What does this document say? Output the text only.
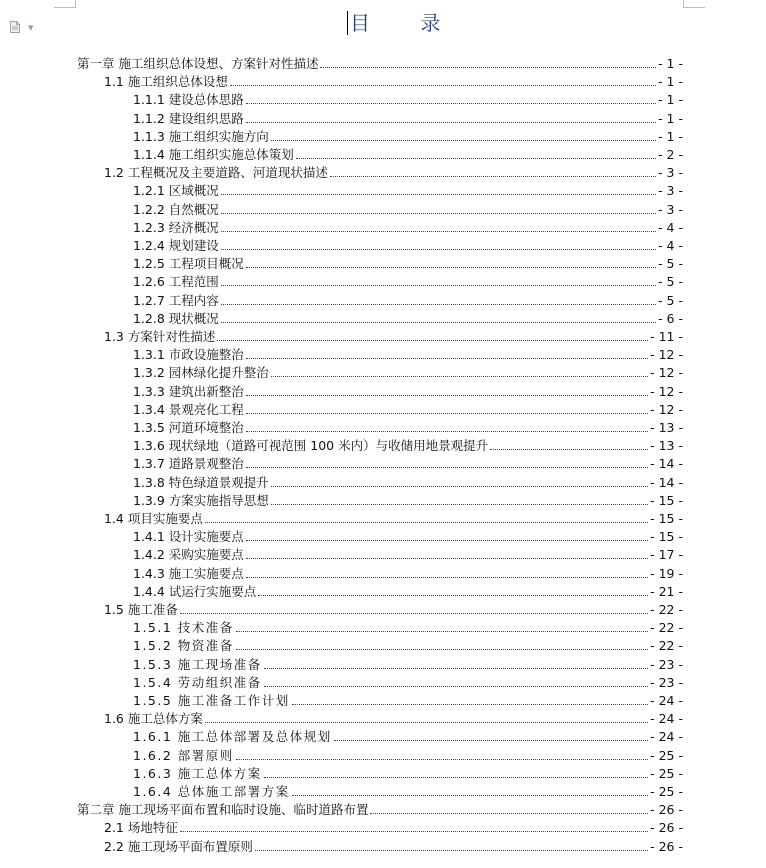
▼	目 录
第一章 施工组织总体设想、方案针对性描述	- 1 -
1.1 施工组织总体设想	- 1 -
1.1.1 建设总体思路	- 1 -
1.1.2 建设组织思路	- 1 -
1.1.3 施工组织实施方向	- 1 -
1.1.4 施工组织实施总体策划	- 2 -
1.2 工程概况及主要道路、河道现状描述	- 3 -
1.2.1 区域概况	- 3 -
1.2.2 自然概况	- 3 -
1.2.3 经济概况	- 4 -
1.2.4 规划建设	- 4 -
1.2.5 工程项目概况	- 5 -
1.2.6 工程范围	- 5 -
1.2.7 工程内容	- 5 -
1.2.8 现状概况	- 6 -
1.3 方案针对性描述	- 11 -
1.3.1 市政设施整治	- 12 -
1.3.2 园林绿化提升整治	- 12 -
1.3.3 建筑出新整治	- 12 -
1.3.4 景观亮化工程	- 12 -
1.3.5 河道环境整治	- 13 -
1.3.6 现状绿地（道路可视范围 100 米内）与收储用地景观提升	- 13 -
1.3.7 道路景观整治	- 14 -
1.3.8 特色绿道景观提升	- 14 -
1.3.9 方案实施指导思想	- 15 -
1.4 项目实施要点	- 15 -
1.4.1 设计实施要点	- 15 -
1.4.2 采购实施要点	- 17 -
1.4.3 施工实施要点	- 19 -
1.4.4 试运行实施要点	- 21 -
1.5 施工准备	- 22 -
1.5.1 技术准备	- 22 -
1.5.2 物资准备	- 22 -
1.5.3 施工现场准备	- 23 -
1.5.4 劳动组织准备	- 23 -
1.5.5 施工准备工作计划	- 24 -
1.6 施工总体方案	- 24 -
1.6.1 施工总体部署及总体规划	- 24 -
1.6.2 部署原则	- 25 -
1.6.3 施工总体方案	- 25 -
1.6.4 总体施工部署方案	- 25 -
第二章 施工现场平面布置和临时设施、临时道路布置	- 26 -
2.1 场地特征	- 26 -
2.2 施工现场平面布置原则	- 26 -
